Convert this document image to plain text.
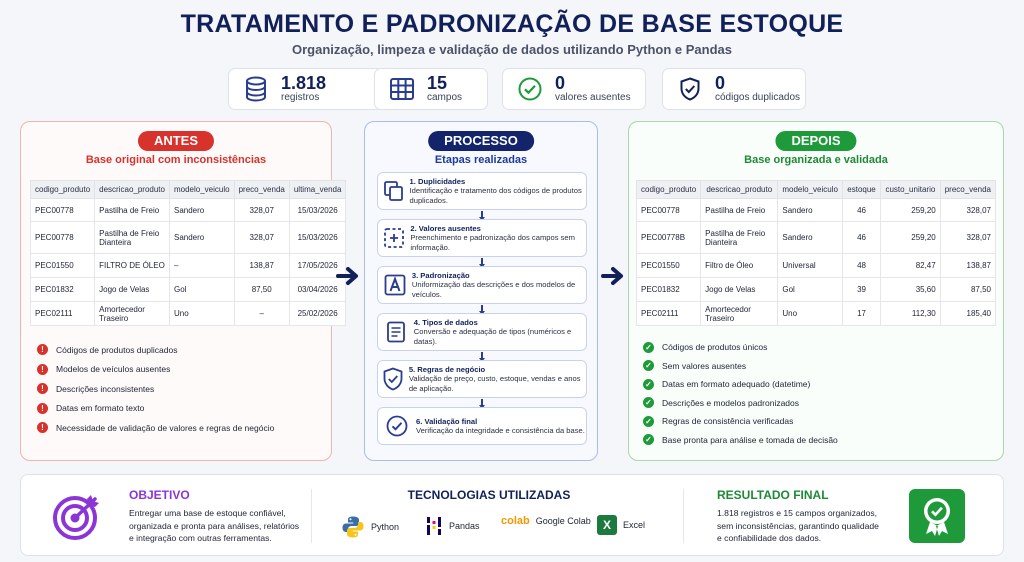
TRATAMENTO E PADRONIZAÇÃO DE BASE ESTOQUE
Organização, limpeza e validação de dados utilizando Python e Pandas
1.818
registros
15
campos
0
valores ausentes
0
códigos duplicados
ANTES
Base original com inconsistências
codigo_produto	descricao_produto	modelo_veiculo	preco_venda	ultima_venda
PEC00778	Pastilha de Freio	Sandero	328,07	15/03/2026
PEC00778	Pastilha de Freio Dianteira	Sandero	328,07	15/03/2026
PEC01550	FILTRO DE ÓLEO	–	138,87	17/05/2026
PEC01832	Jogo de Velas	Gol	87,50	03/04/2026
PEC02111	Amortecedor Traseiro	Uno	–	25/02/2026
!	Códigos de produtos duplicados
!	Modelos de veículos ausentes
!	Descrições inconsistentes
!	Datas em formato texto
!	Necessidade de validação de valores e regras de negócio
PROCESSO
Etapas realizadas
1. Duplicidades
Identificação e tratamento dos códigos de produtos duplicados.
2. Valores ausentes
Preenchimento e padronização dos campos sem informação.
3. Padronização
Uniformização das descrições e dos modelos de veículos.
4. Tipos de dados
Conversão e adequação de tipos (numéricos e datas).
5. Regras de negócio
Validação de preço, custo, estoque, vendas e anos de aplicação.
6. Validação final
Verificação da integridade e consistência da base.
DEPOIS
Base organizada e validada
codigo_produto	descricao_produto	modelo_veiculo	estoque	custo_unitario	preco_venda
PEC00778	Pastilha de Freio	Sandero	46	259,20	328,07
PEC00778B	Pastilha de Freio Dianteira	Sandero	46	259,20	328,07
PEC01550	Filtro de Óleo	Universal	48	82,47	138,87
PEC01832	Jogo de Velas	Gol	39	35,60	87,50
PEC02111	Amortecedor Traseiro	Uno	17	112,30	185,40
✓ Códigos de produtos únicos
✓ Sem valores ausentes
✓ Datas em formato adequado (datetime)
✓ Descrições e modelos padronizados
✓ Regras de consistência verificadas
✓ Base pronta para análise e tomada de decisão
OBJETIVO
Entregar uma base de estoque confiável,
organizada e pronta para análises, relatórios
e integração com outras ferramentas.
TECNOLOGIAS UTILIZADAS
Python	Pandas colab Google Colab	X	Excel
RESULTADO FINAL
1.818 registros e 15 campos organizados,
sem inconsistências, garantindo qualidade
e confiabilidade dos dados.
